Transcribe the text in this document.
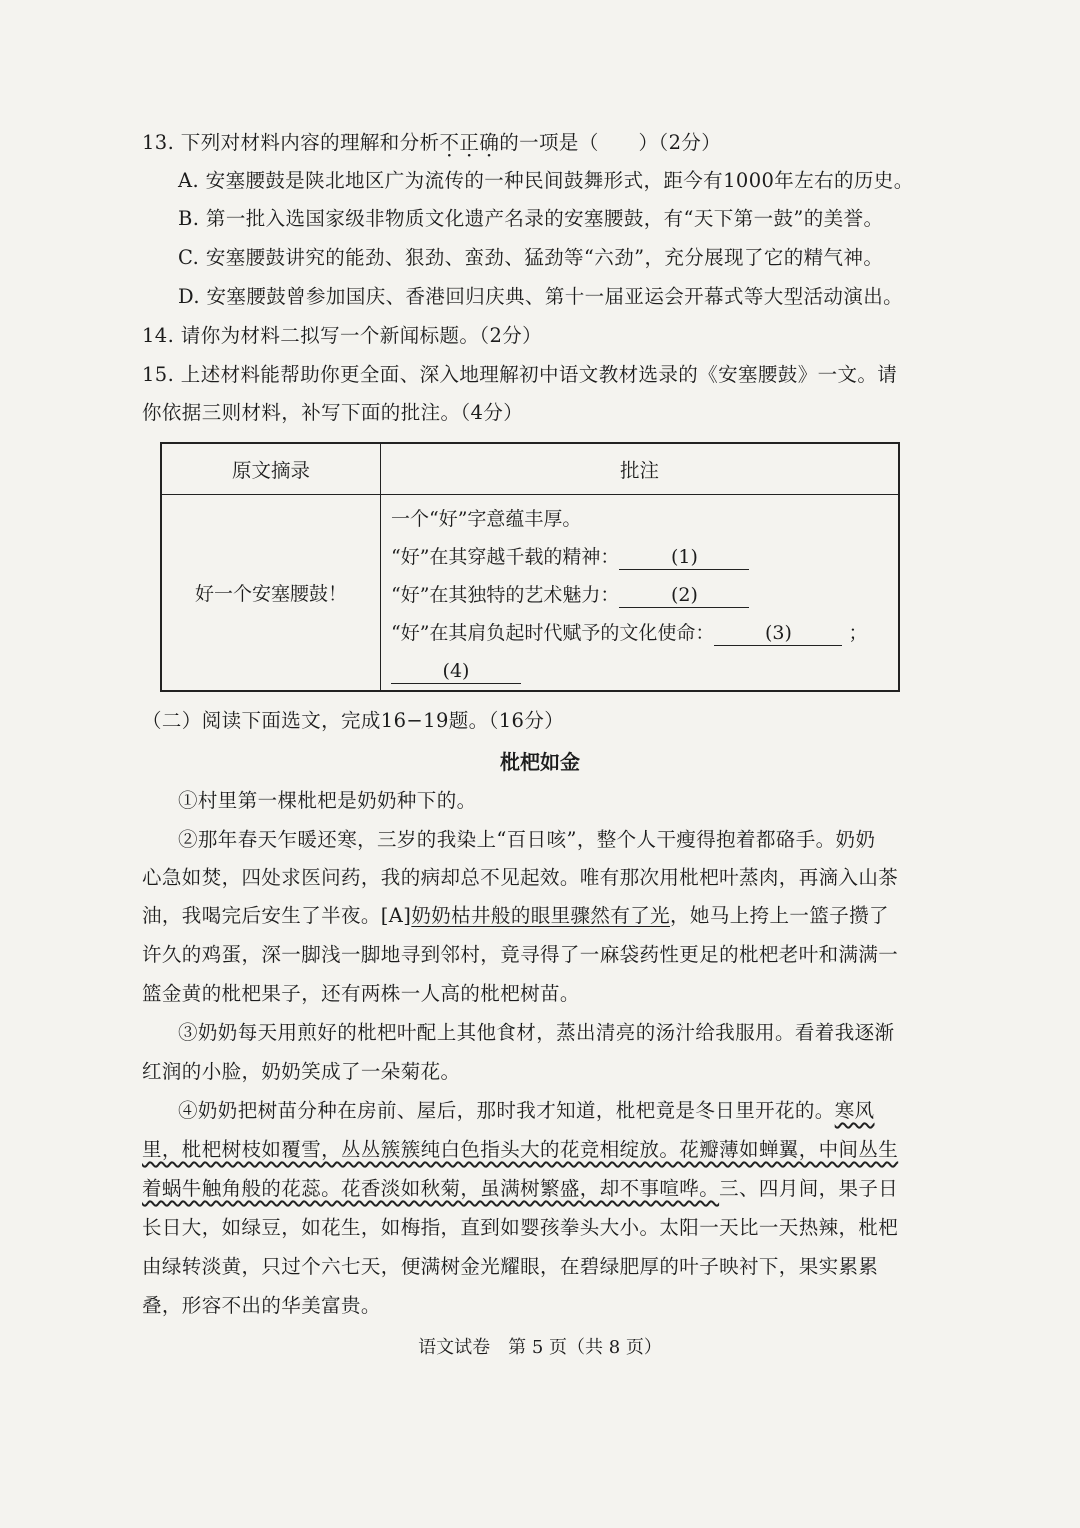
13. 下列对材料内容的理解和分析不正确的一项是（　　）（2分）
A. 安塞腰鼓是陕北地区广为流传的一种民间鼓舞形式，距今有1000年左右的历史。
B. 第一批入选国家级非物质文化遗产名录的安塞腰鼓，有“天下第一鼓”的美誉。
C. 安塞腰鼓讲究的能劲、狠劲、蛮劲、猛劲等“六劲”，充分展现了它的精气神。
D. 安塞腰鼓曾参加国庆、香港回归庆典、第十一届亚运会开幕式等大型活动演出。
14. 请你为材料二拟写一个新闻标题。（2分）
15. 上述材料能帮助你更全面、深入地理解初中语文教材选录的《安塞腰鼓》一文。请
你依据三则材料，补写下面的批注。（4分）
原文摘录	批注
好一个安塞腰鼓！	一个“好”字意蕴丰厚。
“好”在其穿越千载的精神： (1)
“好”在其独特的艺术魅力： (2)
“好”在其肩负起时代赋予的文化使命： (3) ；
(4)
（二）阅读下面选文，完成16−19题。（16分）
枇杷如金
①村里第一棵枇杷是奶奶种下的。
②那年春天乍暖还寒，三岁的我染上“百日咳”，整个人干瘦得抱着都硌手。奶奶
心急如焚，四处求医问药，我的病却总不见起效。唯有那次用枇杷叶蒸肉，再滴入山茶
油，我喝完后安生了半夜。[A]奶奶枯井般的眼里骤然有了光，她马上挎上一篮子攒了
许久的鸡蛋，深一脚浅一脚地寻到邻村，竟寻得了一麻袋药性更足的枇杷老叶和满满一
篮金黄的枇杷果子，还有两株一人高的枇杷树苗。
③奶奶每天用煎好的枇杷叶配上其他食材，蒸出清亮的汤汁给我服用。看着我逐渐
红润的小脸，奶奶笑成了一朵菊花。
④奶奶把树苗分种在房前、屋后，那时我才知道，枇杷竟是冬日里开花的。寒风
里，枇杷树枝如覆雪，丛丛簇簇纯白色指头大的花竞相绽放。花瓣薄如蝉翼，中间丛生
着蜗牛触角般的花蕊。花香淡如秋菊，虽满树繁盛，却不事喧哗。三、四月间，果子日
长日大，如绿豆，如花生，如梅指，直到如婴孩拳头大小。太阳一天比一天热辣，枇杷
由绿转淡黄，只过个六七天，便满树金光耀眼，在碧绿肥厚的叶子映衬下，果实累累
叠，形容不出的华美富贵。
语文试卷　第 5 页（共 8 页）
